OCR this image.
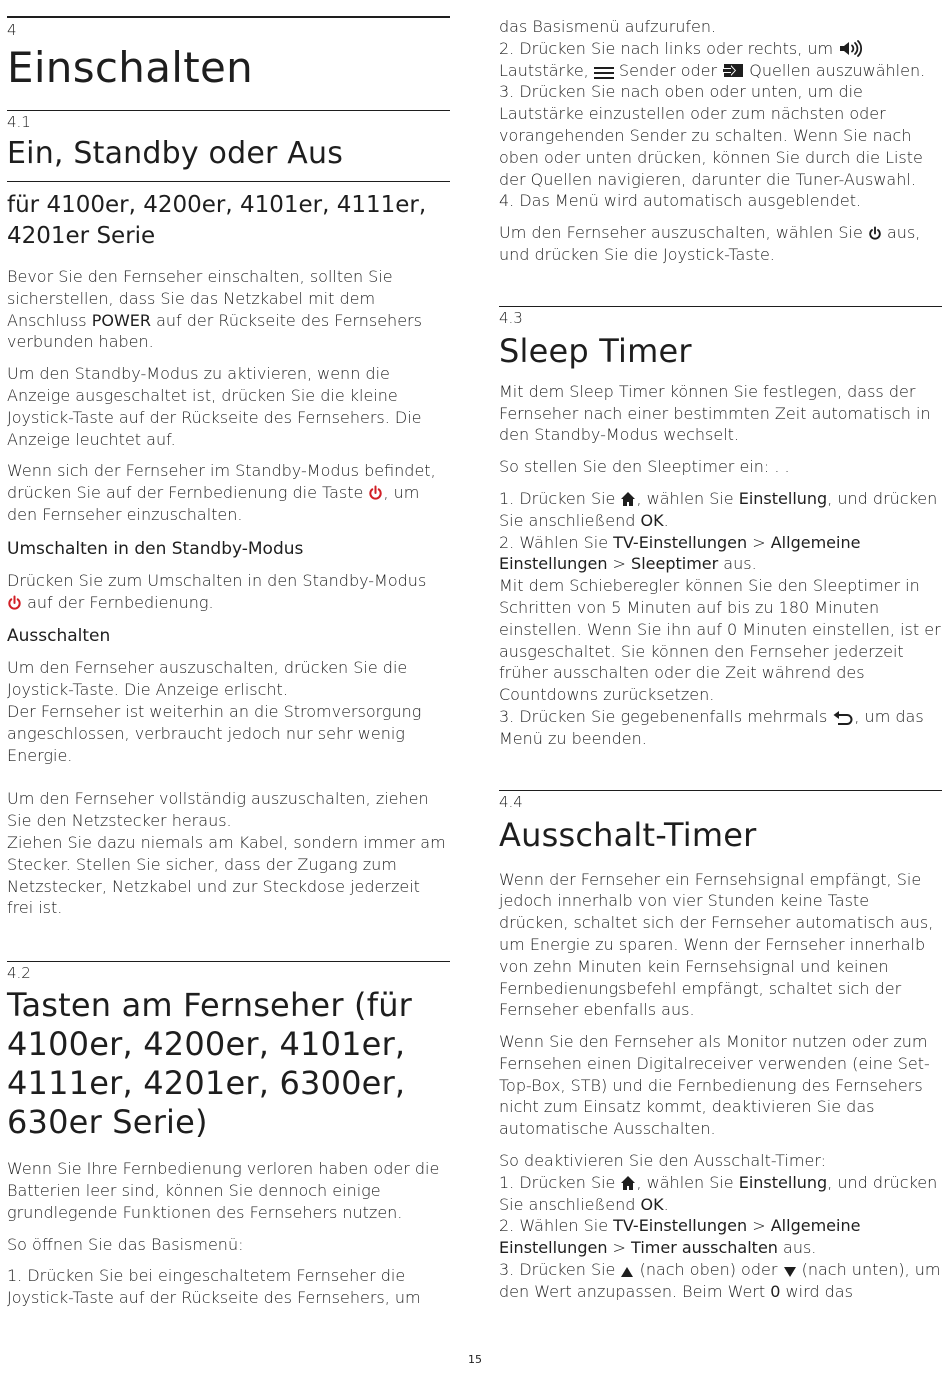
4
Einschalten
4.1
Ein, Standby oder Aus
für 4100er, 4200er, 4101er, 4111er, 4201er Serie

Bevor Sie den Fernseher einschalten, sollten Sie sicherstellen, dass Sie das Netzkabel mit dem Anschluss POWER auf der Rückseite des Fernsehers verbunden haben.

Um den Standby-Modus zu aktivieren, wenn die Anzeige ausgeschaltet ist, drücken Sie die kleine Joystick-Taste auf der Rückseite des Fernsehers. Die Anzeige leuchtet auf.

Wenn sich der Fernseher im Standby-Modus befindet, drücken Sie auf der Fernbedienung die Taste , um den Fernseher einzuschalten.

Umschalten in den Standby-Modus

Drücken Sie zum Umschalten in den Standby-Modus
auf der Fernbedienung.

Ausschalten

Um den Fernseher auszuschalten, drücken Sie die Joystick-Taste. Die Anzeige erlischt.

Der Fernseher ist weiterhin an die Stromversorgung angeschlossen, verbraucht jedoch nur sehr wenig Energie.

Um den Fernseher vollständig auszuschalten, ziehen Sie den Netzstecker heraus.

Ziehen Sie dazu niemals am Kabel, sondern immer am Stecker. Stellen Sie sicher, dass der Zugang zum Netzstecker, Netzkabel und zur Steckdose jederzeit frei ist.

4.2
Tasten am Fernseher (für 4100er, 4200er, 4101er, 4111er, 4201er, 6300er, 630er Serie)

Wenn Sie Ihre Fernbedienung verloren haben oder die Batterien leer sind, können Sie dennoch einige grundlegende Funktionen des Fernsehers nutzen.

So öffnen Sie das Basismenü:

1. Drücken Sie bei eingeschaltetem Fernseher die Joystick-Taste auf der Rückseite des Fernsehers, um

das Basismenü aufzurufen.

2. Drücken Sie nach links oder rechts, um
Lautstärke,  Sender oder  Quellen auszuwählen.

3. Drücken Sie nach oben oder unten, um die Lautstärke einzustellen oder zum nächsten oder vorangehenden Sender zu schalten. Wenn Sie nach oben oder unten drücken, können Sie durch die Liste der Quellen navigieren, darunter die Tuner-Auswahl.

4. Das Menü wird automatisch ausgeblendet.

Um den Fernseher auszuschalten, wählen Sie  aus, und drücken Sie die Joystick-Taste.

4.3
Sleep Timer

Mit dem Sleep Timer können Sie festlegen, dass der Fernseher nach einer bestimmten Zeit automatisch in den Standby-Modus wechselt.

So stellen Sie den Sleeptimer ein: . .

1. Drücken Sie , wählen Sie Einstellung, und drücken Sie anschließend OK.

2. Wählen Sie TV-Einstellungen > Allgemeine Einstellungen > Sleeptimer aus.

Mit dem Schieberegler können Sie den Sleeptimer in Schritten von 5 Minuten auf bis zu 180 Minuten einstellen. Wenn Sie ihn auf 0 Minuten einstellen, ist er ausgeschaltet. Sie können den Fernseher jederzeit früher ausschalten oder die Zeit während des Countdowns zurücksetzen.

3. Drücken Sie gegebenenfalls mehrmals , um das Menü zu beenden.

4.4
Ausschalt-Timer

Wenn der Fernseher ein Fernsehsignal empfängt, Sie jedoch innerhalb von vier Stunden keine Taste drücken, schaltet sich der Fernseher automatisch aus, um Energie zu sparen. Wenn der Fernseher innerhalb von zehn Minuten kein Fernsehsignal und keinen Fernbedienungsbefehl empfängt, schaltet sich der Fernseher ebenfalls aus.

Wenn Sie den Fernseher als Monitor nutzen oder zum Fernsehen einen Digitalreceiver verwenden (eine Set-Top-Box, STB) und die Fernbedienung des Fernsehers nicht zum Einsatz kommt, deaktivieren Sie das automatische Ausschalten.

So deaktivieren Sie den Ausschalt-Timer:

1. Drücken Sie , wählen Sie Einstellung, und drücken Sie anschließend OK.

2. Wählen Sie TV-Einstellungen > Allgemeine Einstellungen > Timer ausschalten aus.

3. Drücken Sie  (nach oben) oder  (nach unten), um den Wert anzupassen. Beim Wert 0 wird das

15
